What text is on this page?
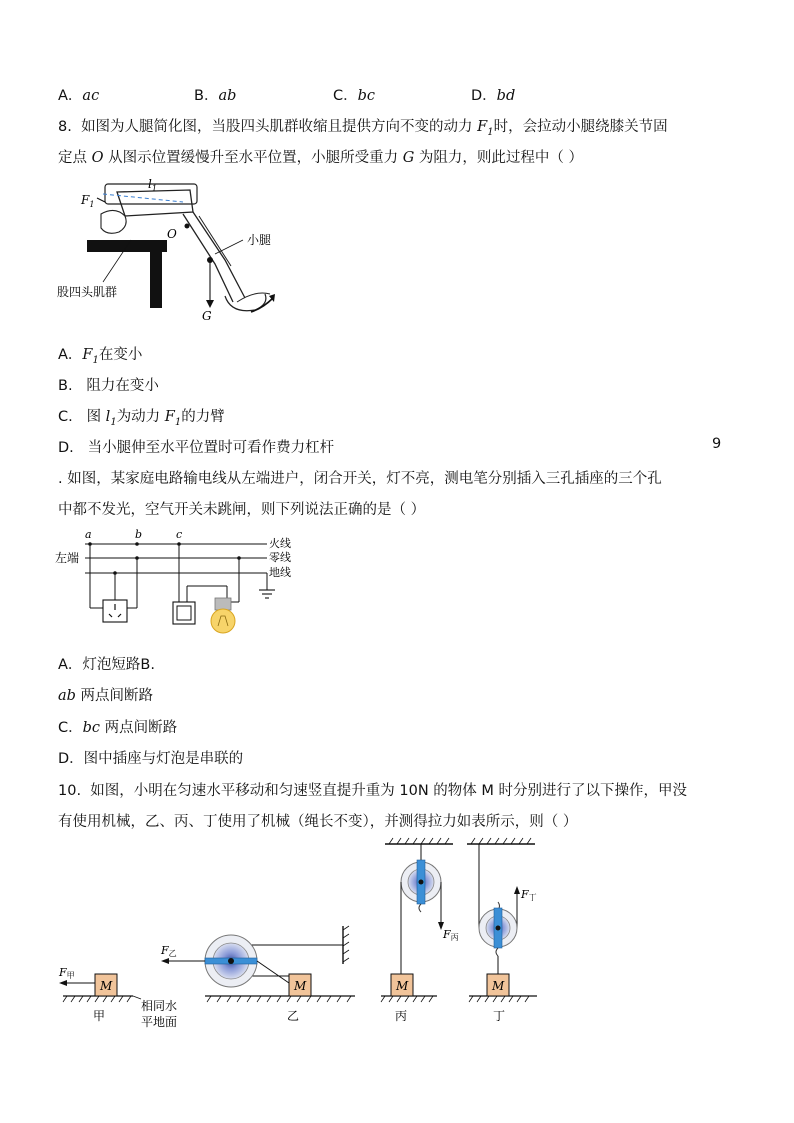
A．ac	B．ab	C．bc	D．bd
8. 如图为人腿简化图，当股四头肌群收缩且提供方向不变的动力 $F_1$时，会拉动小腿绕膝关节固
定点 O 从图示位置缓慢升至水平位置，小腿所受重力 G 为阻力，则此过程中（ ）
$l_1$
$F_1$
O
G
小腿
股四头肌群
A．$F_1$在变小
B. 阻力在变小
C. 图 $l_1$为动力 $F_1$的力臂
D. 当小腿伸至水平位置时可看作费力杠杆	9
. 如图，某家庭电路输电线从左端进户，闭合开关，灯不亮，测电笔分别插入三孔插座的三个孔
中都不发光，空气开关未跳闸，则下列说法正确的是（ ）
a	b	c
左端
火线
零线
地线
A．灯泡短路B.
ab 两点间断路
C．bc 两点间断路
D．图中插座与灯泡是串联的
10. 如图，小明在匀速水平移动和匀速竖直提升重为 10N 的物体 M 时分别进行了以下操作，甲没
有使用机械，乙、丙、丁使用了机械（绳长不变），并测得拉力如表所示，则（ ）
M
F甲
甲
相同水
平地面
M
F乙
乙
F丙
M
丙
F丁
M
丁
